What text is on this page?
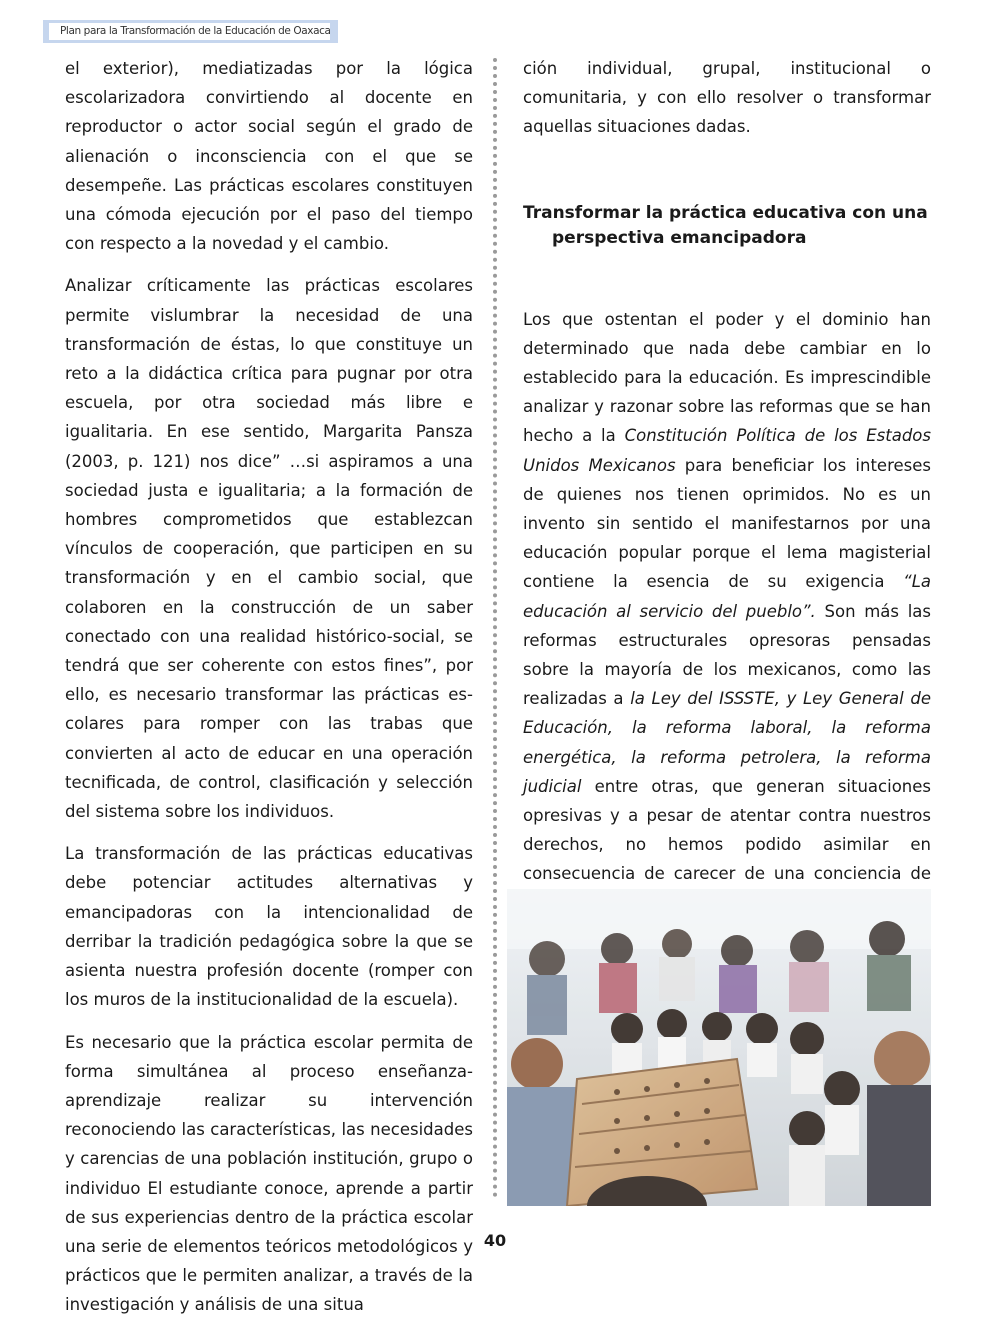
Plan para la Transformación de la Educación de Oaxaca

el exterior), mediatizadas por la lógica escolarizadora convirtiendo al docente en reproductor o actor social según el grado de alienación o inconsciencia con el que se desempeñe. Las prácticas escolares constituyen una cómoda ejecución por el paso del tiempo con respecto a la novedad y el cambio.

Analizar críticamente las prácticas escolares permite vislumbrar la necesidad de una transformación de éstas, lo que constituye un reto a la didáctica crítica para pugnar por otra escuela, por otra sociedad más libre e igualitaria. En ese sentido, Margarita Pansza (2003, p. 121) nos dice” …si aspiramos a una sociedad justa e igualitaria; a la formación de hombres comprometidos que establezcan vínculos de cooperación, que participen en su transformación y en el cambio social, que colaboren en la construcción de un saber conectado con una realidad histórico-social, se tendrá que ser coherente con estos fines”, por ello, es necesario transformar las prácticas escolares para romper con las trabas que convierten al acto de educar en una operación tecnificada, de control, clasificación y selección del sistema sobre los individuos.

La transformación de las prácticas educativas debe potenciar actitudes alternativas y emancipadoras con la intencionalidad de derribar la tradición pedagógica sobre la que se asienta nuestra profesión docente (romper con los muros de la institucionalidad de la escuela).

Es necesario que la práctica escolar permita de forma simultánea al proceso enseñanza- aprendizaje realizar su intervención reconociendo las características, las necesidades y carencias de una población institución, grupo o individuo El estudiante conoce, aprende a partir de sus experiencias dentro de la práctica escolar una serie de elementos teóricos metodológicos y prácticos que le permiten analizar, a través de la investigación y análisis de una situa

ción individual, grupal, institucional o comunitaria, y con ello resolver o transformar aquellas situaciones dadas.

Transformar la práctica educativa con una perspectiva emancipadora

Los que ostentan el poder y el dominio han determinado que nada debe cambiar en lo establecido para la educación. Es imprescindible analizar y razonar sobre las reformas que se han hecho a la Constitución Política de los Estados Unidos Mexicanos para beneficiar los intereses de quienes nos tienen oprimidos. No es un invento sin sentido el manifestarnos por una educación popular porque el lema magisterial contiene la esencia de su exigencia “La educación al servicio del pueblo”. Son más las reformas estructurales opresoras pensadas sobre la mayoría de los mexicanos, como las realizadas a la Ley del ISSSTE, y Ley General de Educación, la reforma laboral, la reforma energética, la reforma petrolera, la reforma judicial entre otras, que generan situaciones opresivas y a pesar de atentar contra nuestros derechos, no hemos podido asimilar en consecuencia de carecer de una conciencia de

40
